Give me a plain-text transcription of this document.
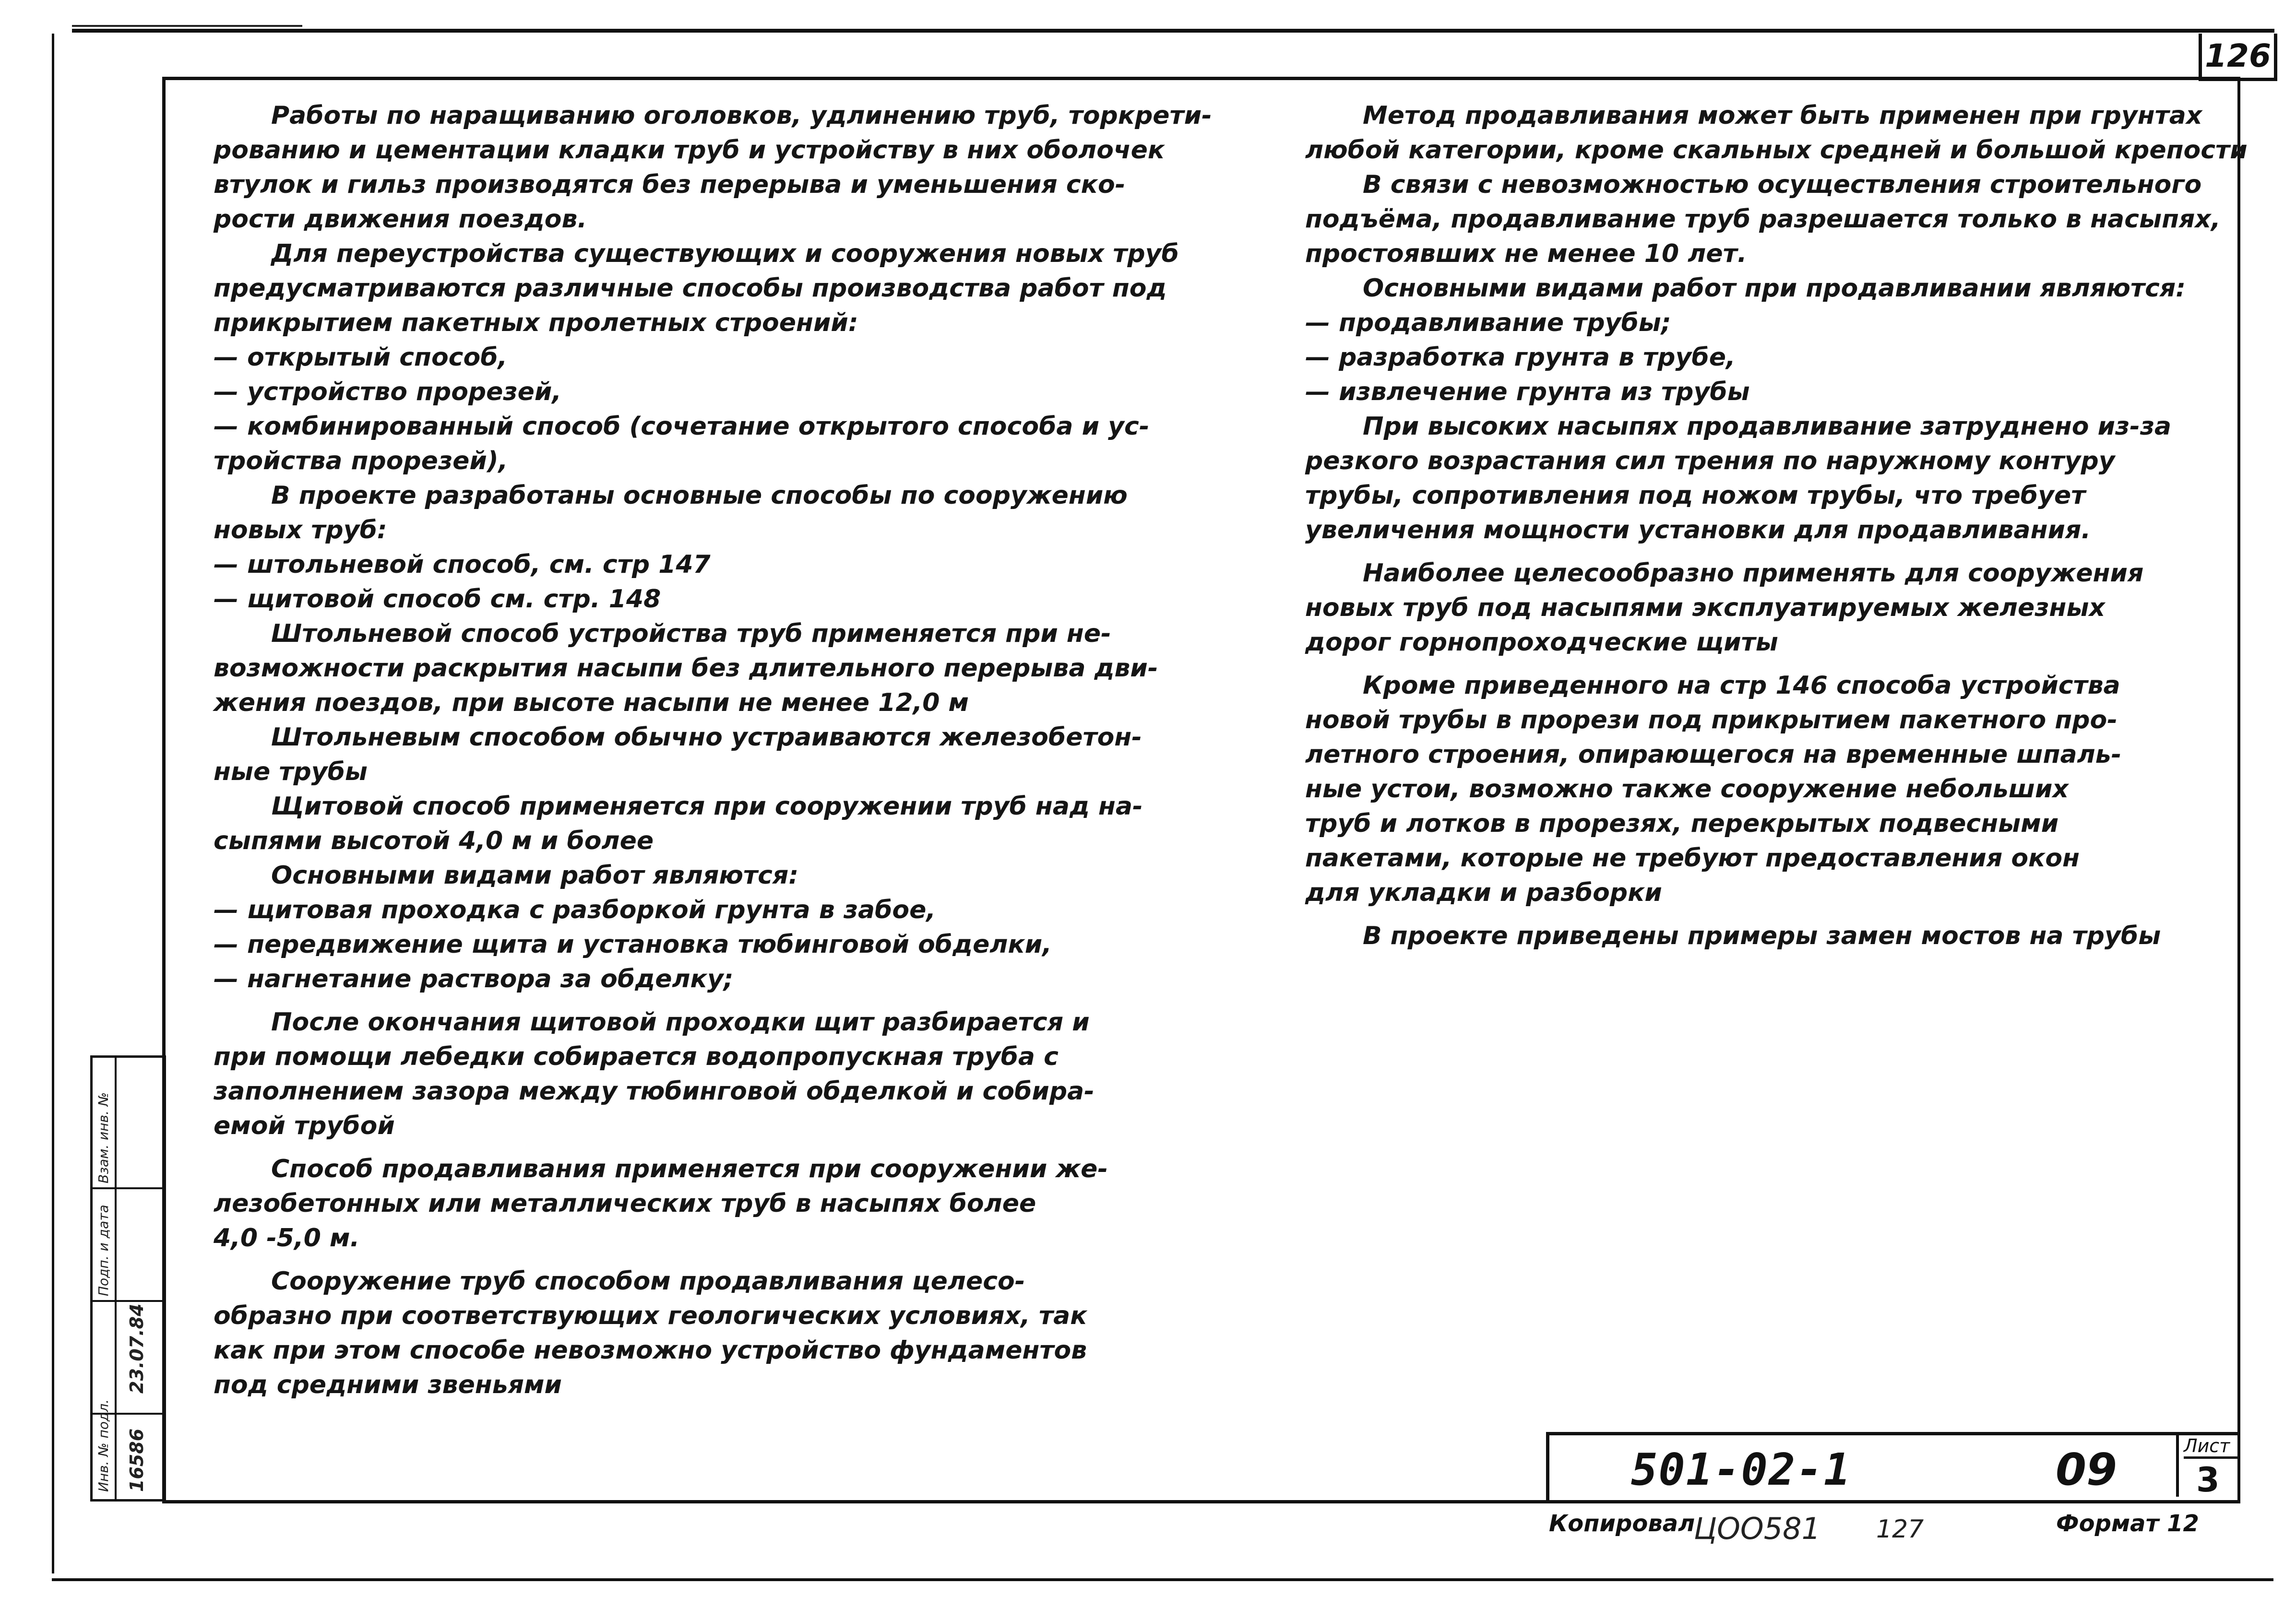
126

Работы по наращиванию оголовков, удлинению труб, торкрети-

рованию и цементации кладки труб и устройству в них оболочек

втулок и гильз производятся без перерыва и уменьшения ско-

рости движения поездов.

Для переустройства существующих и сооружения новых труб

предусматриваются различные способы производства работ под

прикрытием пакетных пролетных строений:

— открытый способ,

— устройство прорезей,

— комбинированный способ (сочетание открытого способа и ус-

тройства прорезей),

В проекте разработаны основные способы по сооружению

новых труб:

— штольневой способ, см. стр 147

— щитовой способ см. стр. 148

Штольневой способ устройства труб применяется при не-

возможности раскрытия насыпи без длительного перерыва дви-

жения поездов, при высоте насыпи не менее 12,0 м

Штольневым способом обычно устраиваются железобетон-

ные трубы

Щитовой способ применяется при сооружении труб над на-

сыпями высотой 4,0 м и более

Основными видами работ являются:

— щитовая проходка с разборкой грунта в забое,

— передвижение щита и установка тюбинговой обделки,

— нагнетание раствора за обделку;

После окончания щитовой проходки щит разбирается и

при помощи лебедки собирается водопропускная труба с

заполнением зазора между тюбинговой обделкой и собира-

емой трубой

Способ продавливания применяется при сооружении же-

лезобетонных или металлических труб в насыпях более

4,0 -5,0 м.

Сооружение труб способом продавливания целесо-

образно при соответствующих геологических условиях, так

как при этом способе невозможно устройство фундаментов

под средними звеньями

Метод продавливания может быть применен при грунтах

любой категории, кроме скальных средней и большой крепости

В связи с невозможностью осуществления строительного

подъёма, продавливание труб разрешается только в насыпях,

простоявших не менее 10 лет.

Основными видами работ при продавливании являются:

— продавливание трубы;

— разработка грунта в трубе,

— извлечение грунта из трубы

При высоких насыпях продавливание затруднено из-за

резкого возрастания сил трения по наружному контуру

трубы, сопротивления под ножом трубы, что требует

увеличения мощности установки для продавливания.

Наиболее целесообразно применять для сооружения

новых труб под насыпями эксплуатируемых железных

дорог горнопроходческие щиты

Кроме приведенного на стр 146 способа устройства

новой трубы в прорези под прикрытием пакетного про-

летного строения, опирающегося на временные шпаль-

ные устои, возможно также сооружение небольших

труб и лотков в прорезях, перекрытых подвесными

пакетами, которые не требуют предоставления окон

для укладки и разборки

В проекте приведены примеры замен мостов на трубы

Взам. инв. №
Подп. и дата
Инв. № подл.
23.07.84
16586	501-02-1	09	Лист
3
Копировал
ЦОО581 127	Формат 12
